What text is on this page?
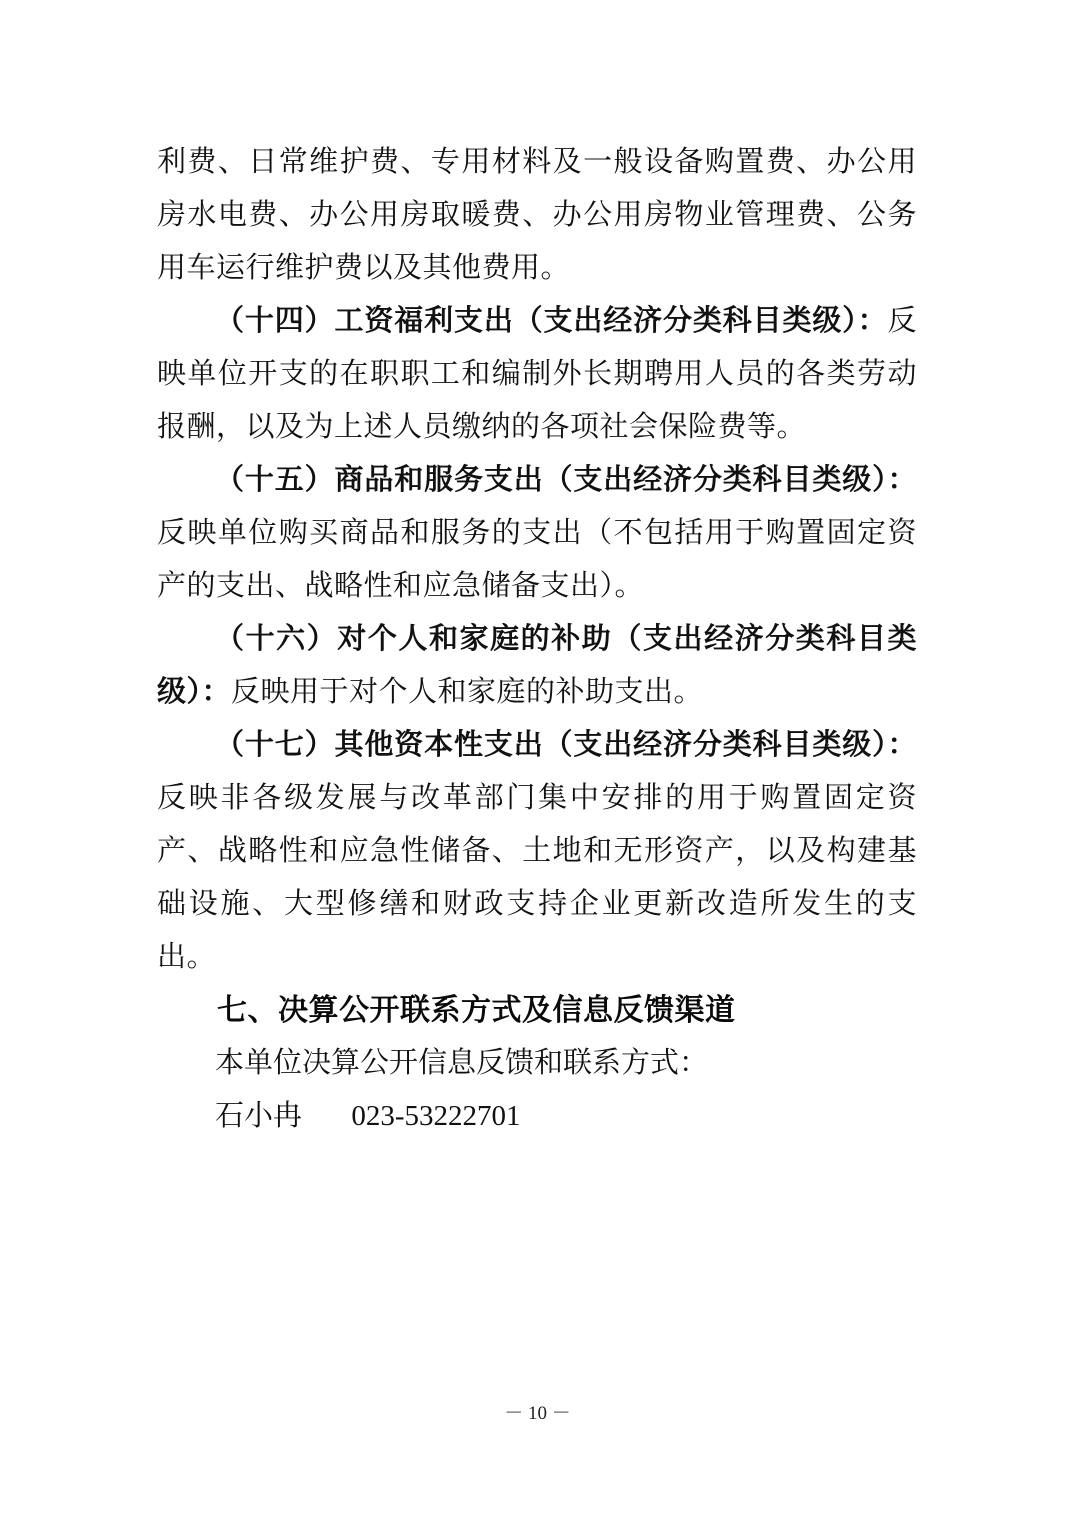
利费、日常维护费、专用材料及一般设备购置费、办公用房水电费、办公用房取暖费、办公用房物业管理费、公务用车运行维护费以及其他费用。

（十四）工资福利支出（支出经济分类科目类级）：反映单位开支的在职职工和编制外长期聘用人员的各类劳动报酬，以及为上述人员缴纳的各项社会保险费等。

（十五）商品和服务支出（支出经济分类科目类级）：反映单位购买商品和服务的支出（不包括用于购置固定资产的支出、战略性和应急储备支出）。

（十六）对个人和家庭的补助（支出经济分类科目类级）：反映用于对个人和家庭的补助支出。

（十七）其他资本性支出（支出经济分类科目类级）：反映非各级发展与改革部门集中安排的用于购置固定资产、战略性和应急性储备、土地和无形资产，以及构建基础设施、大型修缮和财政支持企业更新改造所发生的支出。

七、决算公开联系方式及信息反馈渠道

本单位决算公开信息反馈和联系方式：

石小冉 023-53222701

－ 10 －
